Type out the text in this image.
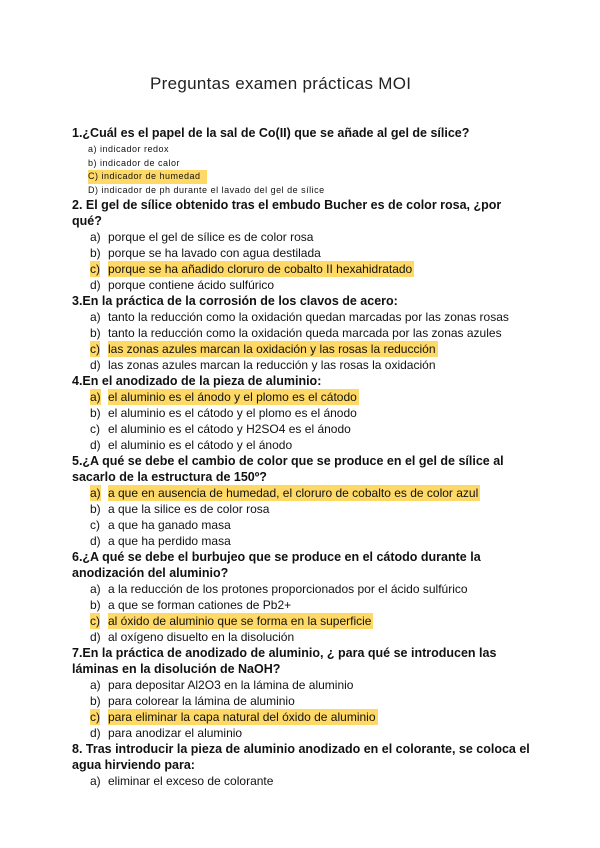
Preguntas examen prácticas MOI

1.¿Cuál es el papel de la sal de Co(II) que se añade al gel de sílice?

a) indicador redox
b) indicador de calor
C) indicador de humedad
D) indicador de ph durante el lavado del gel de sílice

2. El gel de sílice obtenido tras el embudo Bucher es de color rosa, ¿por qué?

a) porque el gel de sílice es de color rosa
b) porque se ha lavado con agua destilada
c) porque se ha añadido cloruro de cobalto II hexahidratado
d) porque contiene ácido sulfúrico

3.En la práctica de la corrosión de los clavos de acero:

a) tanto la reducción como la oxidación quedan marcadas por las zonas rosas
b) tanto la reducción como la oxidación queda marcada por las zonas azules
c) las zonas azules marcan la oxidación y las rosas la reducción
d) las zonas azules marcan la reducción y las rosas la oxidación

4.En el anodizado de la pieza de aluminio:

a) el aluminio es el ánodo y el plomo es el cátodo
b) el aluminio es el cátodo y el plomo es el ánodo
c) el aluminio es el cátodo y H2SO4 es el ánodo
d) el aluminio es el cátodo y el ánodo

5.¿A qué se debe el cambio de color que se produce en el gel de sílice al sacarlo de la estructura de 150º?

a) a que en ausencia de humedad, el cloruro de cobalto es de color azul
b) a que la silice es de color rosa
c) a que ha ganado masa
d) a que ha perdido masa

6.¿A qué se debe el burbujeo que se produce en el cátodo durante la anodización del aluminio?

a) a la reducción de los protones proporcionados por el ácido sulfúrico
b) a que se forman cationes de Pb2+
c) al óxido de aluminio que se forma en la superficie
d) al oxígeno disuelto en la disolución

7.En la práctica de anodizado de aluminio, ¿ para qué se introducen las láminas en la disolución de NaOH?

a) para depositar Al2O3 en la lámina de aluminio
b) para colorear la lámina de aluminio
c) para eliminar la capa natural del óxido de aluminio
d) para anodizar el aluminio

8. Tras introducir la pieza de aluminio anodizado en el colorante, se coloca el agua hirviendo para:

a) eliminar el exceso de colorante
